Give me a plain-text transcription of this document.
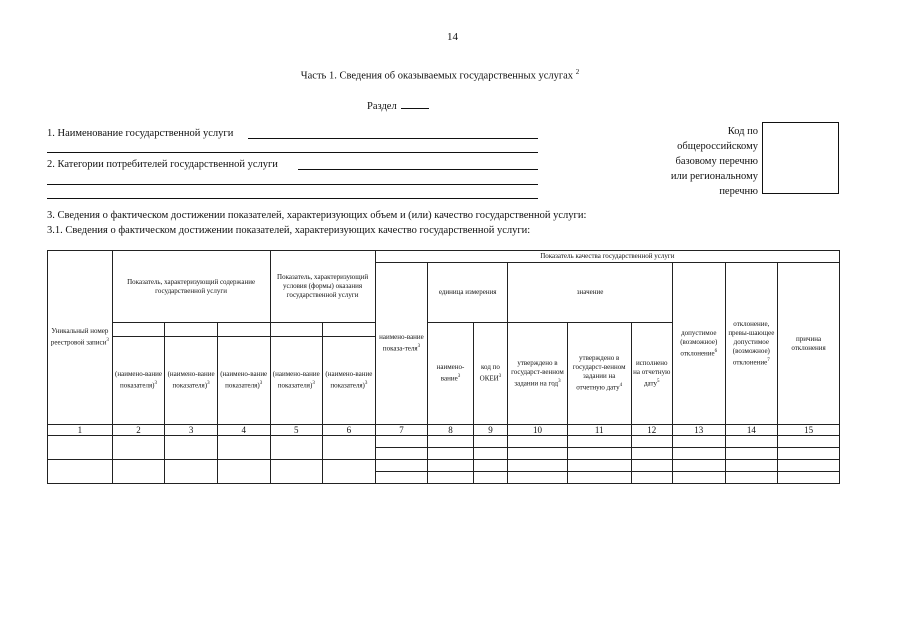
14
Часть 1. Сведения об оказываемых государственных услугах $^2$
Раздел
1. Наименование государственной услуги
2. Категории потребителей государственной услуги
Код по
общероссийскому
базовому перечню
или региональному
перечню
3. Сведения о фактическом достижении показателей, характеризующих объем и (или) качество государственной услуги:
3.1. Сведения о фактическом достижении показателей, характеризующих качество государственной услуги:
Уникальный номер реестровой записи$^3$	Показатель, характеризующий содержание государственной услуги			Показатель, характеризующий условия (формы) оказания государственной услуги		Показатель качества государственной услуги								
						наимено-вание показа-теля$^3$	единица измерения		значение			допустимое (возможное) отклонение$^6$	отклонение, превы-шающее допустимое (возможное) отклонение$^7$	причина отклонения
							наимено-вание$^3$	код по ОКЕИ$^3$	утверждено в государст-венном задании на год$^3$	утверждено в государст-венном задании на отчетную дату$^4$	исполнено на отчетную дату$^5$
	(наимено-вание показателя)$^3$	(наимено-вание показателя)$^3$	(наимено-вание показателя)$^3$	(наимено-вание показателя)$^3$	(наимено-вание показателя)$^3$
1	2	3	4	5	6	7	8	9	10	11	12	13	14	15
